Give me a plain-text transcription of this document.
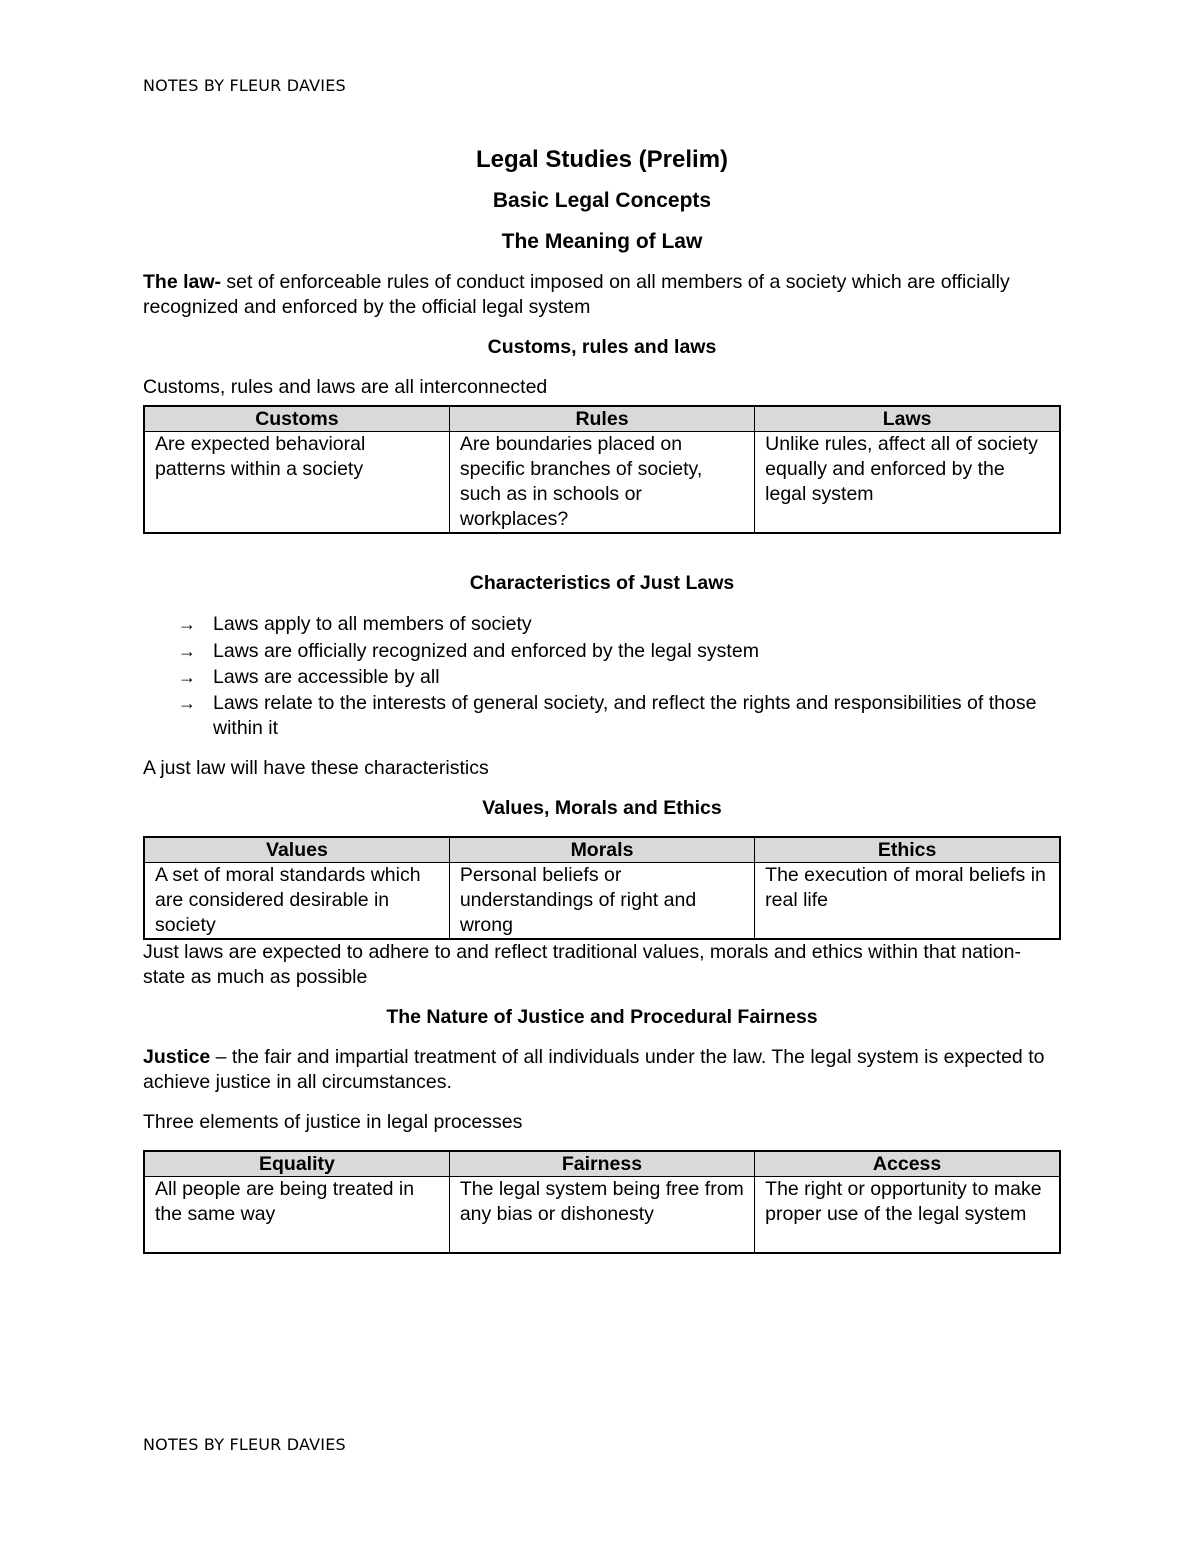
NOTES BY FLEUR DAVIES
Legal Studies (Prelim)
Basic Legal Concepts
The Meaning of Law

The law- set of enforceable rules of conduct imposed on all members of a society which are officially recognized and enforced by the official legal system

Customs, rules and laws

Customs, rules and laws are all interconnected

Customs	Rules	Laws
Are expected behavioral patterns within a society	Are boundaries placed on specific branches of society, such as in schools or workplaces?	Unlike rules, affect all of society equally and enforced by the legal system
Characteristics of Just Laws
→ Laws apply to all members of society
→ Laws are officially recognized and enforced by the legal system
→ Laws are accessible by all
→ Laws relate to the interests of general society, and reflect the rights and responsibilities of those within it

A just law will have these characteristics

Values, Morals and Ethics
Values	Morals	Ethics
A set of moral standards which are considered desirable in society	Personal beliefs or understandings of right and wrong	The execution of moral beliefs in real life

Just laws are expected to adhere to and reflect traditional values, morals and ethics within that nation-state as much as possible

The Nature of Justice and Procedural Fairness

Justice – the fair and impartial treatment of all individuals under the law. The legal system is expected to achieve justice in all circumstances.

Three elements of justice in legal processes

Equality	Fairness	Access
All people are being treated in the same way	The legal system being free from any bias or dishonesty	The right or opportunity to make proper use of the legal system
NOTES BY FLEUR DAVIES
